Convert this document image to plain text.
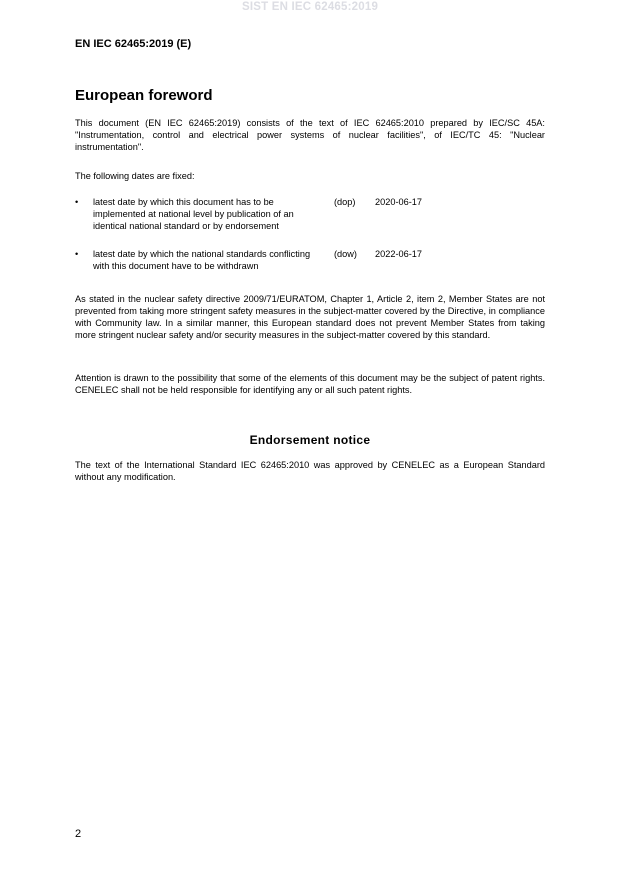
SIST EN IEC 62465:2019
EN IEC 62465:2019 (E)
European foreword

This document (EN IEC 62465:2019) consists of the text of IEC 62465:2010 prepared by IEC/SC 45A: "Instrumentation, control and electrical power systems of nuclear facilities", of IEC/TC 45: "Nuclear instrumentation".

The following dates are fixed:

• latest date by which this document has to be implemented at national level by publication of an identical national standard or by endorsement
(dop) 2020-06-17
• latest date by which the national standards conflicting with this document have to be withdrawn
(dow) 2022-06-17

As stated in the nuclear safety directive 2009/71/EURATOM, Chapter 1, Article 2, item 2, Member States are not prevented from taking more stringent safety measures in the subject-matter covered by the Directive, in compliance with Community law. In a similar manner, this European standard does not prevent Member States from taking more stringent nuclear safety and/or security measures in the subject-matter covered by this standard.

Attention is drawn to the possibility that some of the elements of this document may be the subject of patent rights. CENELEC shall not be held responsible for identifying any or all such patent rights.

Endorsement notice

The text of the International Standard IEC 62465:2010 was approved by CENELEC as a European Standard without any modification.

2
